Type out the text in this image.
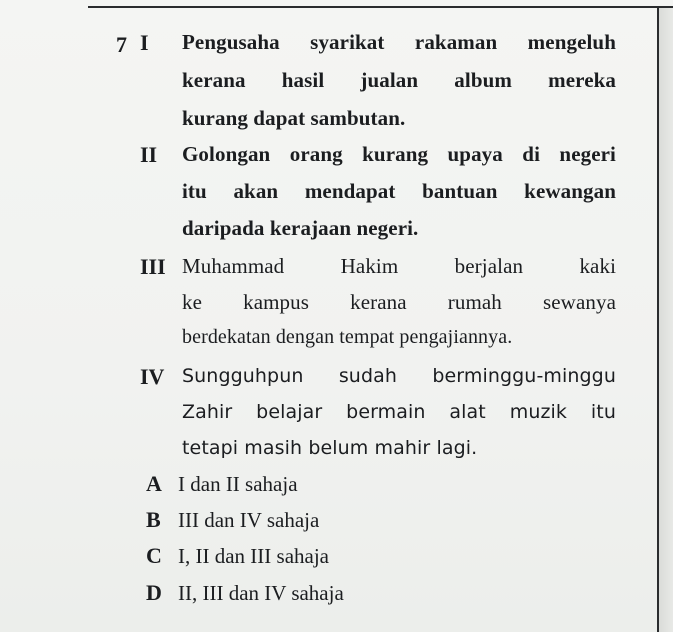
7 I	Pengusaha syarikat rakaman mengeluh
kerana hasil jualan album mereka
kurang dapat sambutan.
II	Golongan orang kurang upaya di negeri
itu akan mendapat bantuan kewangan
daripada kerajaan negeri.
III Muhammad Hakim berjalan kaki
ke kampus kerana rumah sewanya
berdekatan dengan tempat pengajiannya.
IV Sungguhpun sudah berminggu-minggu
Zahir belajar bermain alat muzik itu
tetapi masih belum mahir lagi.
A I dan II sahaja
B III dan IV sahaja
C I, II dan III sahaja
D II, III dan IV sahaja
